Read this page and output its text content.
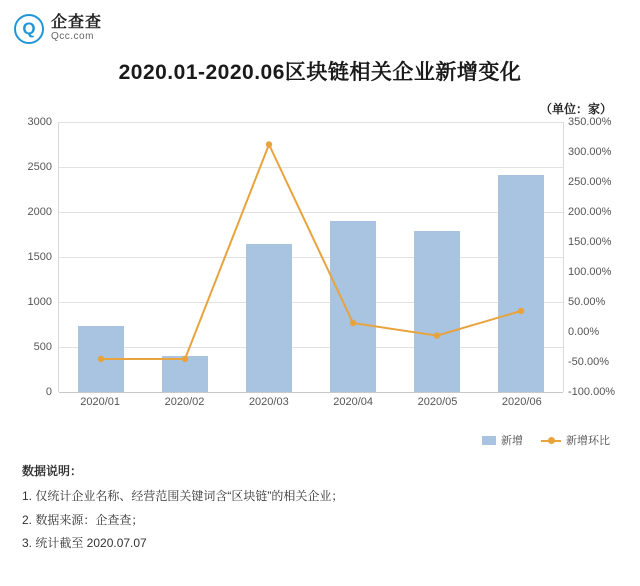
Q 企查查
Qcc.com
2020.01-2020.06区块链相关企业新增变化
（单位：家）
3000
2500
2000
1500
1000
500
0
350.00%
300.00%
250.00%
200.00%
150.00%
100.00%
50.00%
0.00%
-50.00%
-100.00%
2020/01	2020/02	2020/03	2020/04	2020/05	2020/06
新增	新增环比
数据说明：
1. 仅统计企业名称、经营范围关键词含“区块链”的相关企业；
2. 数据来源：企查查；
3. 统计截至 2020.07.07
